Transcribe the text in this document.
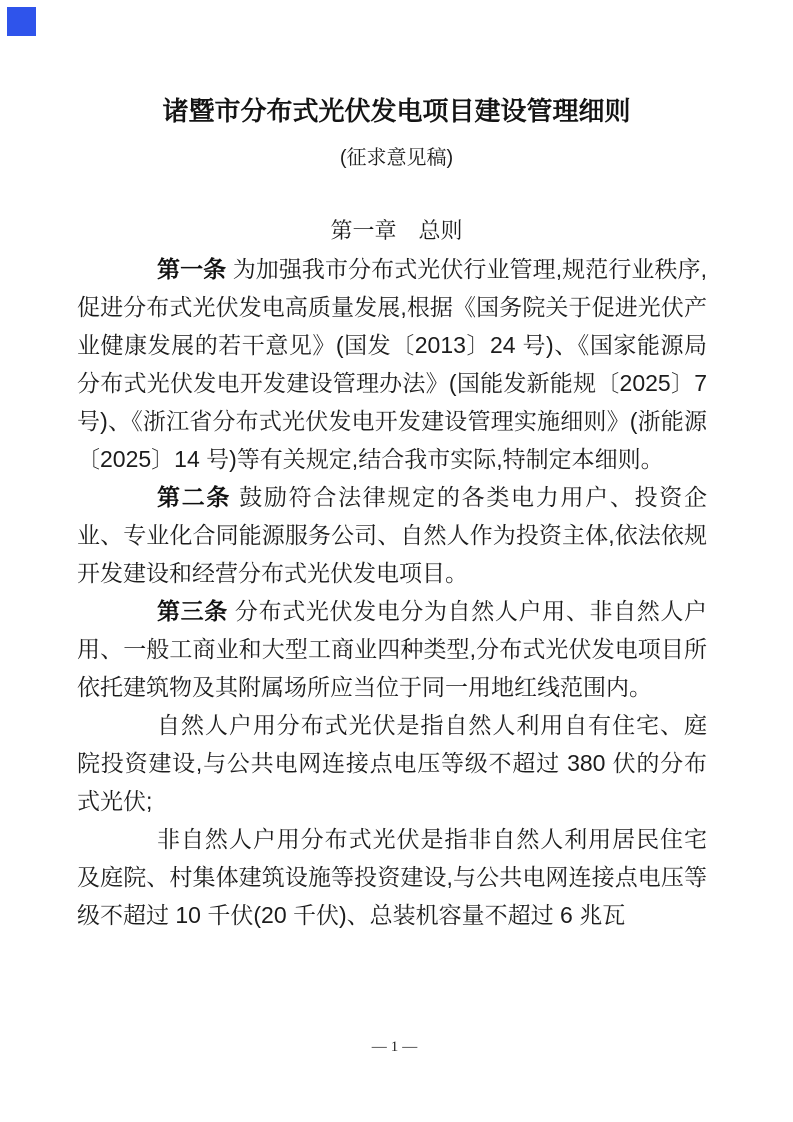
诸暨市分布式光伏发电项目建设管理细则
(征求意见稿)
第一章　总则

第一条 为加强我市分布式光伏行业管理,规范行业秩序,促进分布式光伏发电高质量发展,根据《国务院关于促进光伏产业健康发展的若干意见》(国发〔2013〕24 号)、《国家能源局分布式光伏发电开发建设管理办法》(国能发新能规〔2025〕7 号)、《浙江省分布式光伏发电开发建设管理实施细则》(浙能源〔2025〕14 号)等有关规定,结合我市实际,特制定本细则。

第二条 鼓励符合法律规定的各类电力用户、投资企业、专业化合同能源服务公司、自然人作为投资主体,依法依规开发建设和经营分布式光伏发电项目。

第三条 分布式光伏发电分为自然人户用、非自然人户用、一般工商业和大型工商业四种类型,分布式光伏发电项目所依托建筑物及其附属场所应当位于同一用地红线范围内。

自然人户用分布式光伏是指自然人利用自有住宅、庭院投资建设,与公共电网连接点电压等级不超过 380 伏的分布式光伏;

非自然人户用分布式光伏是指非自然人利用居民住宅及庭院、村集体建筑设施等投资建设,与公共电网连接点电压等级不超过 10 千伏(20 千伏)、总装机容量不超过 6 兆瓦

—1—
